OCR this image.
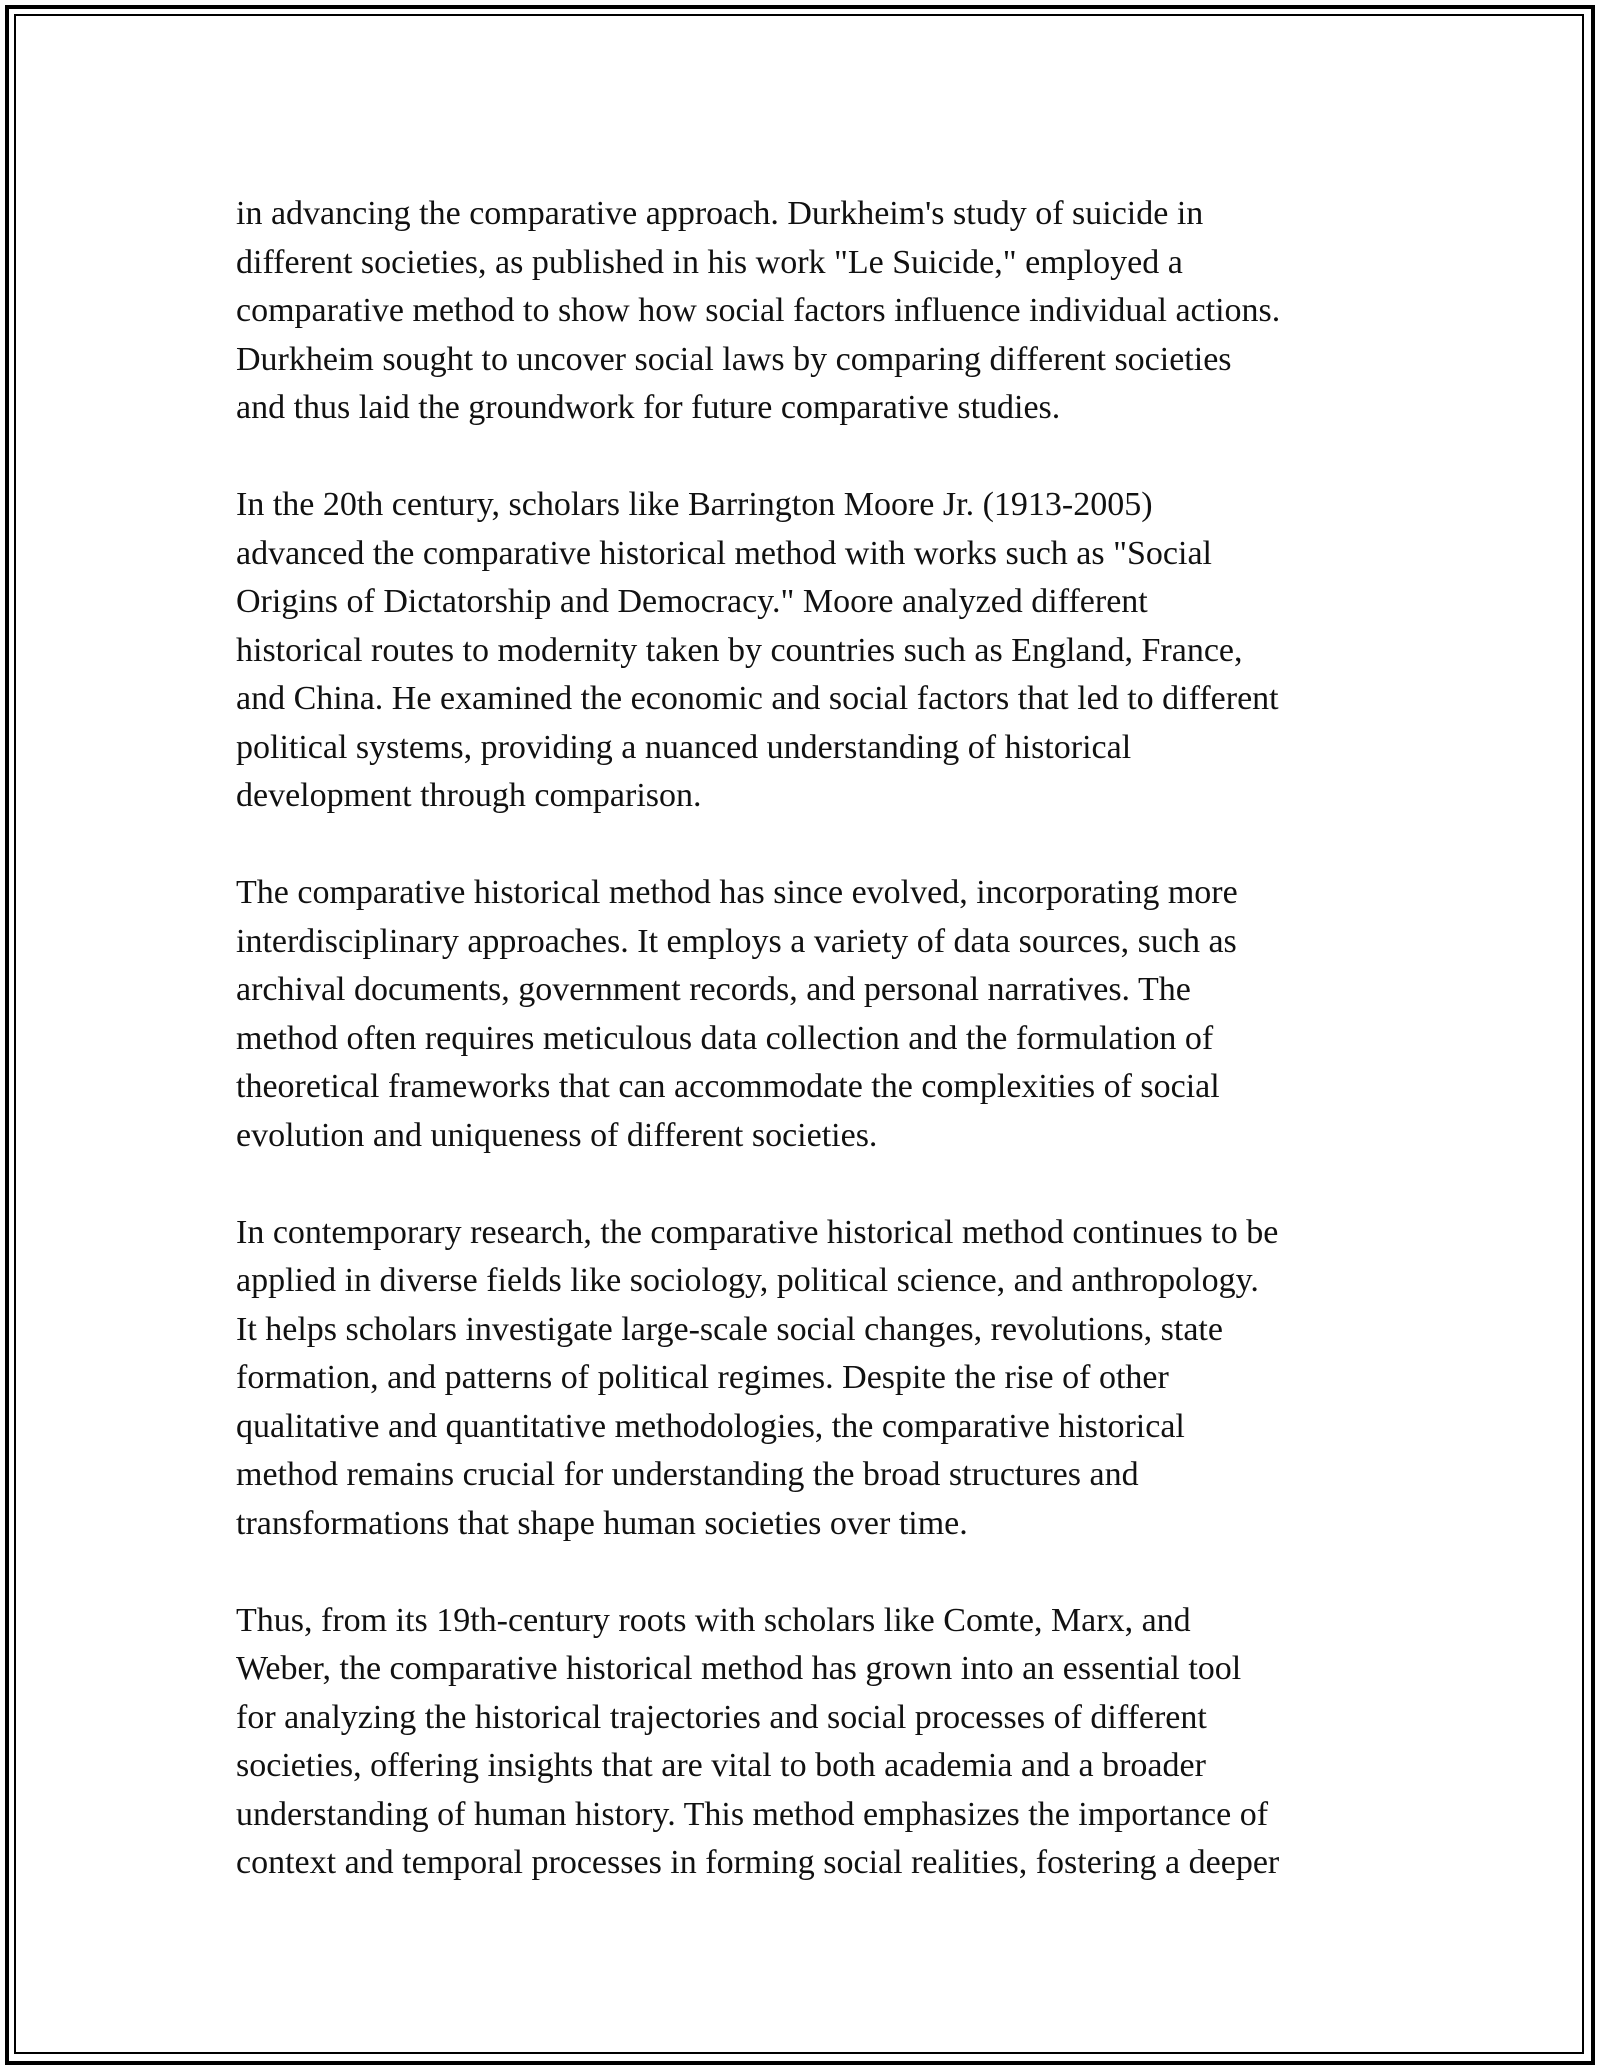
in advancing the comparative approach. Durkheim's study of suicide in
different societies, as published in his work "Le Suicide," employed a
comparative method to show how social factors influence individual actions.
Durkheim sought to uncover social laws by comparing different societies
and thus laid the groundwork for future comparative studies.
In the 20th century, scholars like Barrington Moore Jr. (1913-2005)
advanced the comparative historical method with works such as "Social
Origins of Dictatorship and Democracy." Moore analyzed different
historical routes to modernity taken by countries such as England, France,
and China. He examined the economic and social factors that led to different
political systems, providing a nuanced understanding of historical
development through comparison.
The comparative historical method has since evolved, incorporating more
interdisciplinary approaches. It employs a variety of data sources, such as
archival documents, government records, and personal narratives. The
method often requires meticulous data collection and the formulation of
theoretical frameworks that can accommodate the complexities of social
evolution and uniqueness of different societies.
In contemporary research, the comparative historical method continues to be
applied in diverse fields like sociology, political science, and anthropology.
It helps scholars investigate large-scale social changes, revolutions, state
formation, and patterns of political regimes. Despite the rise of other
qualitative and quantitative methodologies, the comparative historical
method remains crucial for understanding the broad structures and
transformations that shape human societies over time.
Thus, from its 19th-century roots with scholars like Comte, Marx, and
Weber, the comparative historical method has grown into an essential tool
for analyzing the historical trajectories and social processes of different
societies, offering insights that are vital to both academia and a broader
understanding of human history. This method emphasizes the importance of
context and temporal processes in forming social realities, fostering a deeper
